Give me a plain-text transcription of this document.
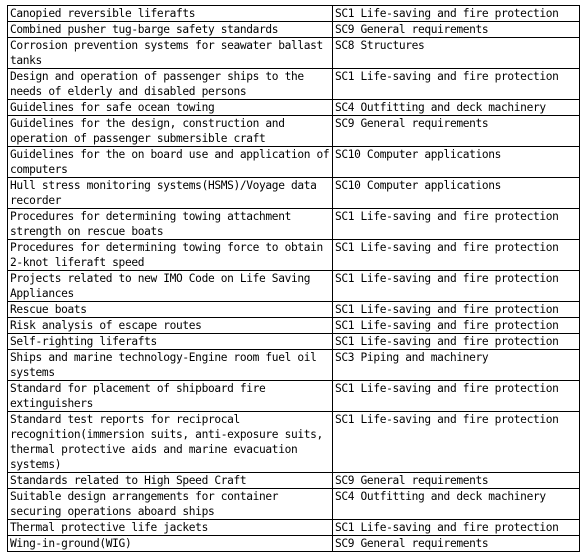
Canopied reversible liferafts	SC1 Life-saving and fire protection
Combined pusher tug-barge safety standards	SC9 General requirements
Corrosion prevention systems for seawater ballast tanks	SC8 Structures
Design and operation of passenger ships to the needs of elderly and disabled persons	SC1 Life-saving and fire protection
Guidelines for safe ocean towing	SC4 Outfitting and deck machinery
Guidelines for the design, construction and operation of passenger submersible craft	SC9 General requirements
Guidelines for the on board use and application of computers	SC10 Computer applications
Hull stress monitoring systems(HSMS)/Voyage data recorder	SC10 Computer applications
Procedures for determining towing attachment strength on rescue boats	SC1 Life-saving and fire protection
Procedures for determining towing force to obtain 2-knot liferaft speed	SC1 Life-saving and fire protection
Projects related to new IMO Code on Life Saving Appliances	SC1 Life-saving and fire protection
Rescue boats	SC1 Life-saving and fire protection
Risk analysis of escape routes	SC1 Life-saving and fire protection
Self-righting liferafts	SC1 Life-saving and fire protection
Ships and marine technology-Engine room fuel oil systems	SC3 Piping and machinery
Standard for placement of shipboard fire extinguishers	SC1 Life-saving and fire protection
Standard test reports for reciprocal recognition(immersion suits, anti-exposure suits, thermal protective aids and marine evacuation systems)	SC1 Life-saving and fire protection
Standards related to High Speed Craft	SC9 General requirements
Suitable design arrangements for container securing operations aboard ships	SC4 Outfitting and deck machinery
Thermal protective life jackets	SC1 Life-saving and fire protection
Wing-in-ground(WIG)	SC9 General requirements
